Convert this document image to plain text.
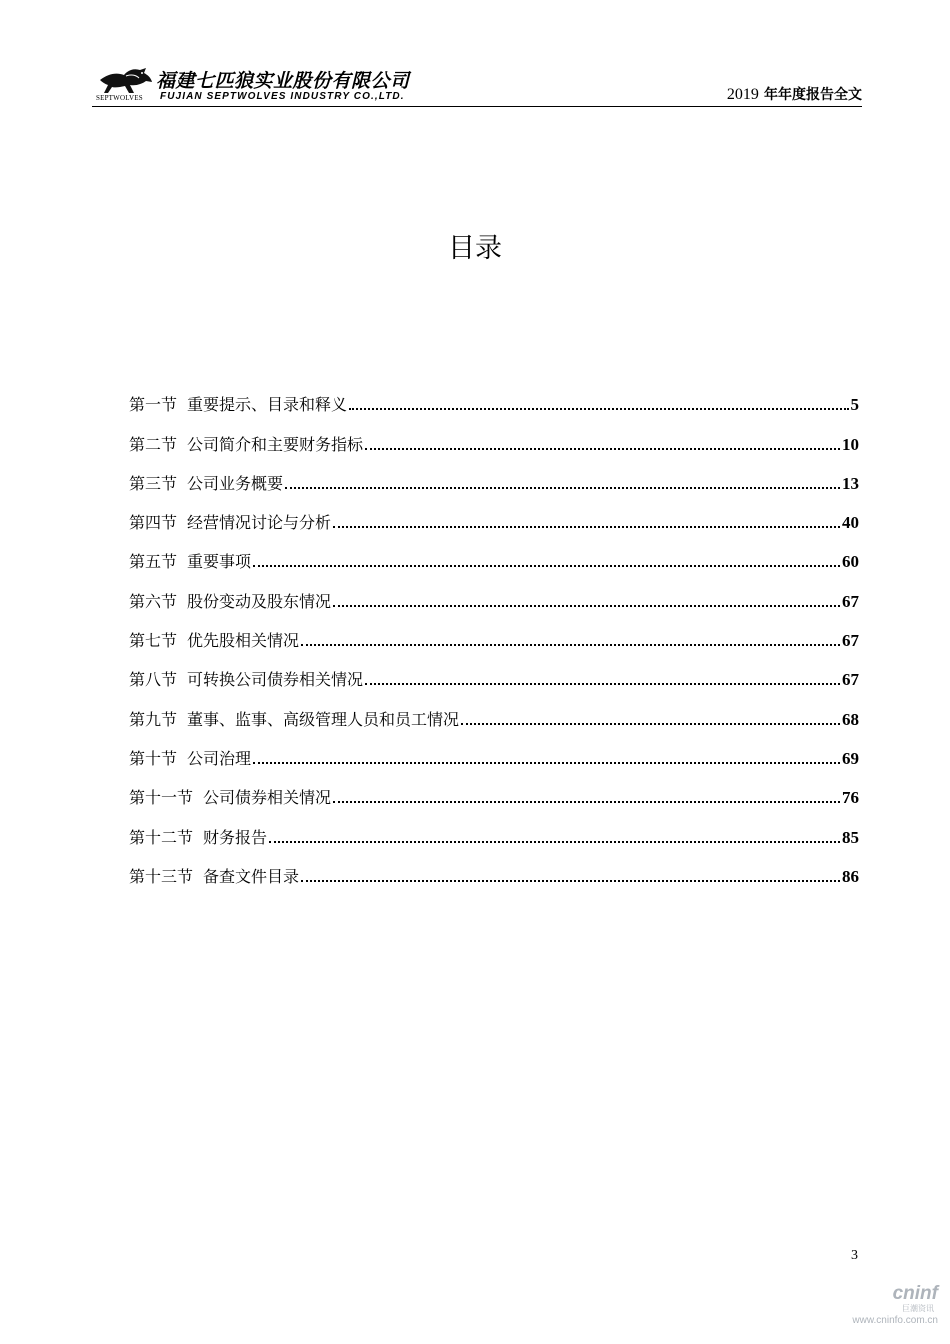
SEPTWOLVES
福建七匹狼实业股份有限公司
FUJIAN SEPTWOLVES INDUSTRY CO.,LTD.	2019 年年度报告全文
目录
第一节 重要提示、目录和释义	5
第二节 公司简介和主要财务指标	10
第三节 公司业务概要	13
第四节 经营情况讨论与分析	40
第五节 重要事项	60
第六节 股份变动及股东情况	67
第七节 优先股相关情况	67
第八节 可转换公司债券相关情况	67
第九节 董事、监事、高级管理人员和员工情况	68
第十节 公司治理	69
第十一节 公司债券相关情况	76
第十二节 财务报告	85
第十三节 备查文件目录	86
3
cninf
巨潮资讯
www.cninfo.com.cn
